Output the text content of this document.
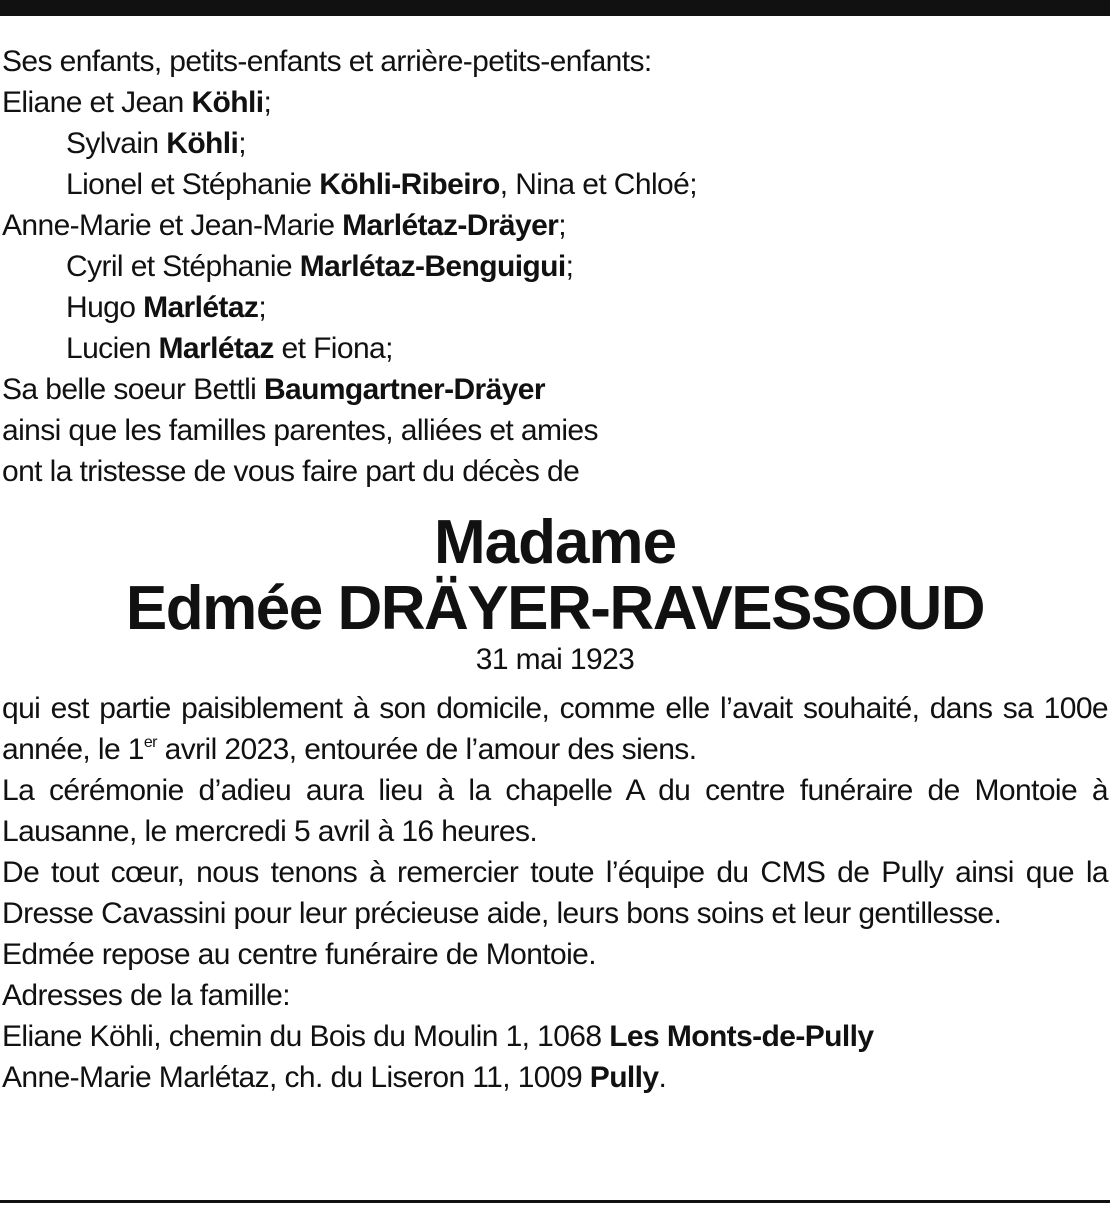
Ses enfants, petits-enfants et arrière-petits-enfants:
Eliane et Jean Köhli;
Sylvain Köhli;
Lionel et Stéphanie Köhli-Ribeiro, Nina et Chloé;
Anne-Marie et Jean-Marie Marlétaz-Dräyer;
Cyril et Stéphanie Marlétaz-Benguigui;
Hugo Marlétaz;
Lucien Marlétaz et Fiona;
Sa belle soeur Bettli Baumgartner-Dräyer
ainsi que les familles parentes, alliées et amies
ont la tristesse de vous faire part du décès de
Madame
Edmée DRÄYER-RAVESSOUD
31 mai 1923
qui est partie paisiblement à son domicile, comme elle l’avait souhaité, dans sa 100e année, le 1er avril 2023, entourée de l’amour des siens.
La cérémonie d’adieu aura lieu à la chapelle A du centre funéraire de Montoie à Lausanne, le mercredi 5 avril à 16 heures.
De tout cœur, nous tenons à remercier toute l’équipe du CMS de Pully ainsi que la Dresse Cavassini pour leur précieuse aide, leurs bons soins et leur gentillesse.
Edmée repose au centre funéraire de Montoie.
Adresses de la famille:
Eliane Köhli, chemin du Bois du Moulin 1, 1068 Les Monts-de-Pully
Anne-Marie Marlétaz, ch. du Liseron 11, 1009 Pully.
